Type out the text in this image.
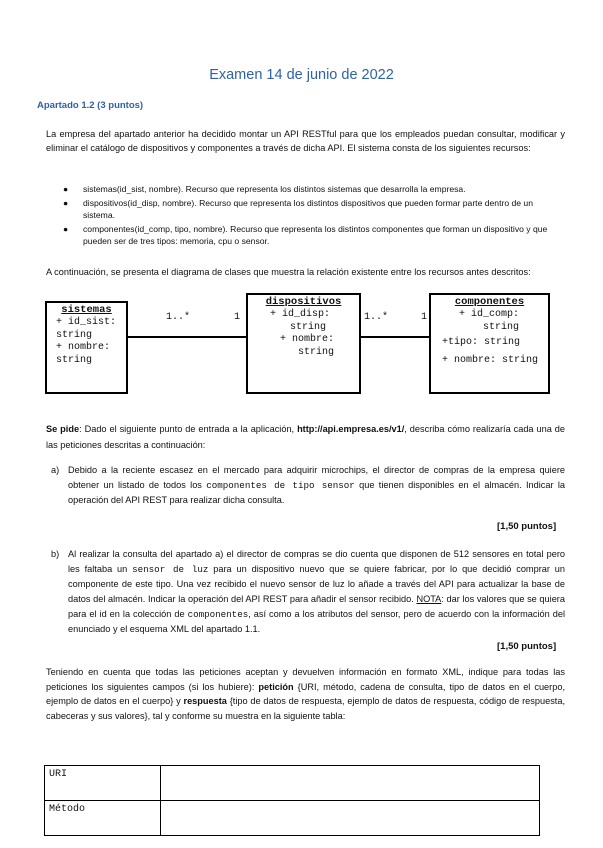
Examen 14 de junio de 2022
Apartado 1.2 (3 puntos)
La empresa del apartado anterior ha decidido montar un API RESTful para que los empleados puedan consultar, modificar y eliminar el catálogo de dispositivos y componentes a través de dicha API. El sistema consta de los siguientes recursos:
● sistemas(id_sist, nombre). Recurso que representa los distintos sistemas que desarrolla la empresa.
● dispositivos(id_disp, nombre). Recurso que representa los distintos dispositivos que pueden formar parte dentro de un sistema.
● componentes(id_comp, tipo, nombre). Recurso que representa los distintos componentes que forman un dispositivo y que pueden ser de tres tipos: memoria, cpu o sensor.
A continuación, se presenta el diagrama de clases que muestra la relación existente entre los recursos antes descritos:
sistemas
+ id_sist:
string
+ nombre:
string
1..*	1
dispositivos
+ id_disp:
string
+ nombre:
string
1..*	1
componentes
+ id_comp:
string
+tipo: string
+ nombre: string
Se pide: Dado el siguiente punto de entrada a la aplicación, http://api.empresa.es/v1/, describa cómo realizaría cada una de las peticiones descritas a continuación:
a) Debido a la reciente escasez en el mercado para adquirir microchips, el director de compras de la empresa quiere obtener un listado de todos los componentes de tipo sensor que tienen disponibles en el almacén. Indicar la operación del API REST para realizar dicha consulta.
[1,50 puntos]
b) Al realizar la consulta del apartado a) el director de compras se dio cuenta que disponen de 512 sensores en total pero les faltaba un sensor de luz para un dispositivo nuevo que se quiere fabricar, por lo que decidió comprar un componente de este tipo. Una vez recibido el nuevo sensor de luz lo añade a través del API para actualizar la base de datos del almacén. Indicar la operación del API REST para añadir el sensor recibido. NOTA: dar los valores que se quiera para el id en la colección de componentes, así como a los atributos del sensor, pero de acuerdo con la información del enunciado y el esquema XML del apartado 1.1.
[1,50 puntos]
Teniendo en cuenta que todas las peticiones aceptan y devuelven información en formato XML, indique para todas las peticiones los siguientes campos (si los hubiere): petición {URI, método, cadena de consulta, tipo de datos en el cuerpo, ejemplo de datos en el cuerpo} y respuesta {tipo de datos de respuesta, ejemplo de datos de respuesta, código de respuesta, cabeceras y sus valores}, tal y conforme su muestra en la siguiente tabla:
URI	
Método	
